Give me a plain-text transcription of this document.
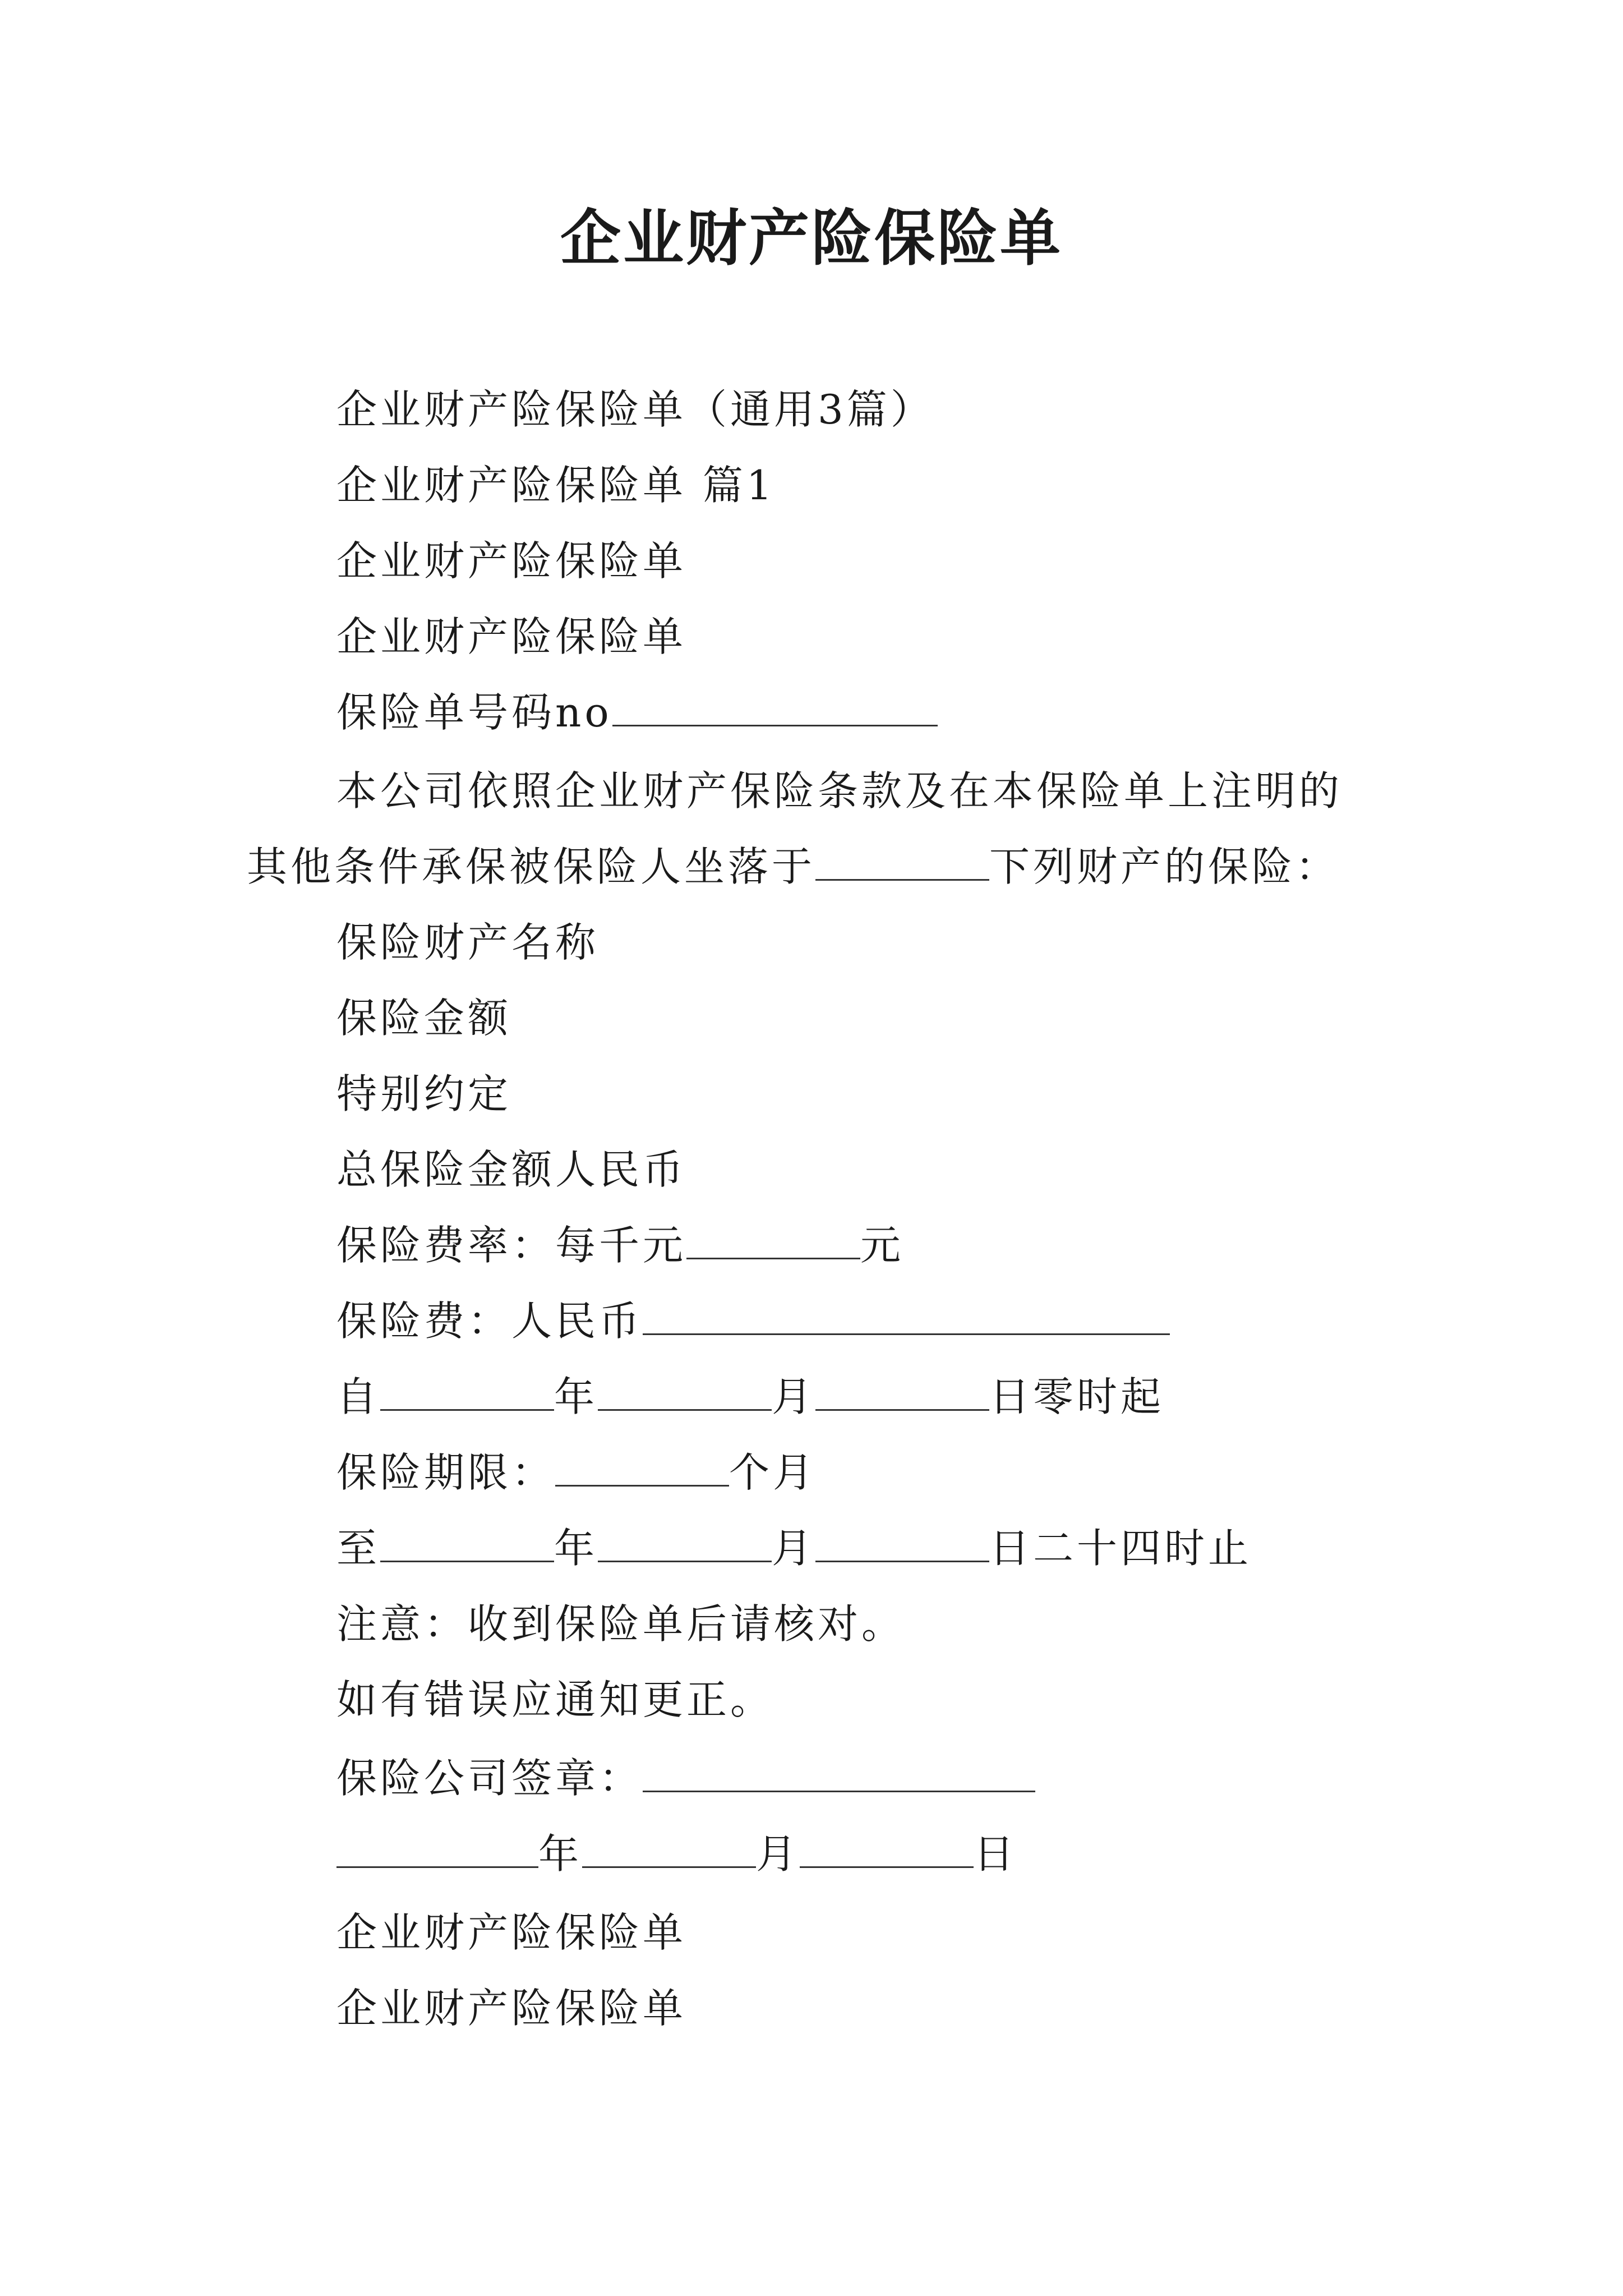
企业财产险保险单
企业财产险保险单（通用3篇）
企业财产险保险单 篇1
企业财产险保险单
企业财产险保险单
保险单号码no
本公司依照企业财产保险条款及在本保险单上注明的
其他条件承保被保险人坐落于	下列财产的保险：
保险财产名称
保险金额
特别约定
总保险金额人民币
保险费率：每千元	元
保险费：人民币
自	年	月	日零时起
保险期限：	个月
至	年	月	日二十四时止
注意：收到保险单后请核对。
如有错误应通知更正。
保险公司签章：
年	月	日
企业财产险保险单
企业财产险保险单
